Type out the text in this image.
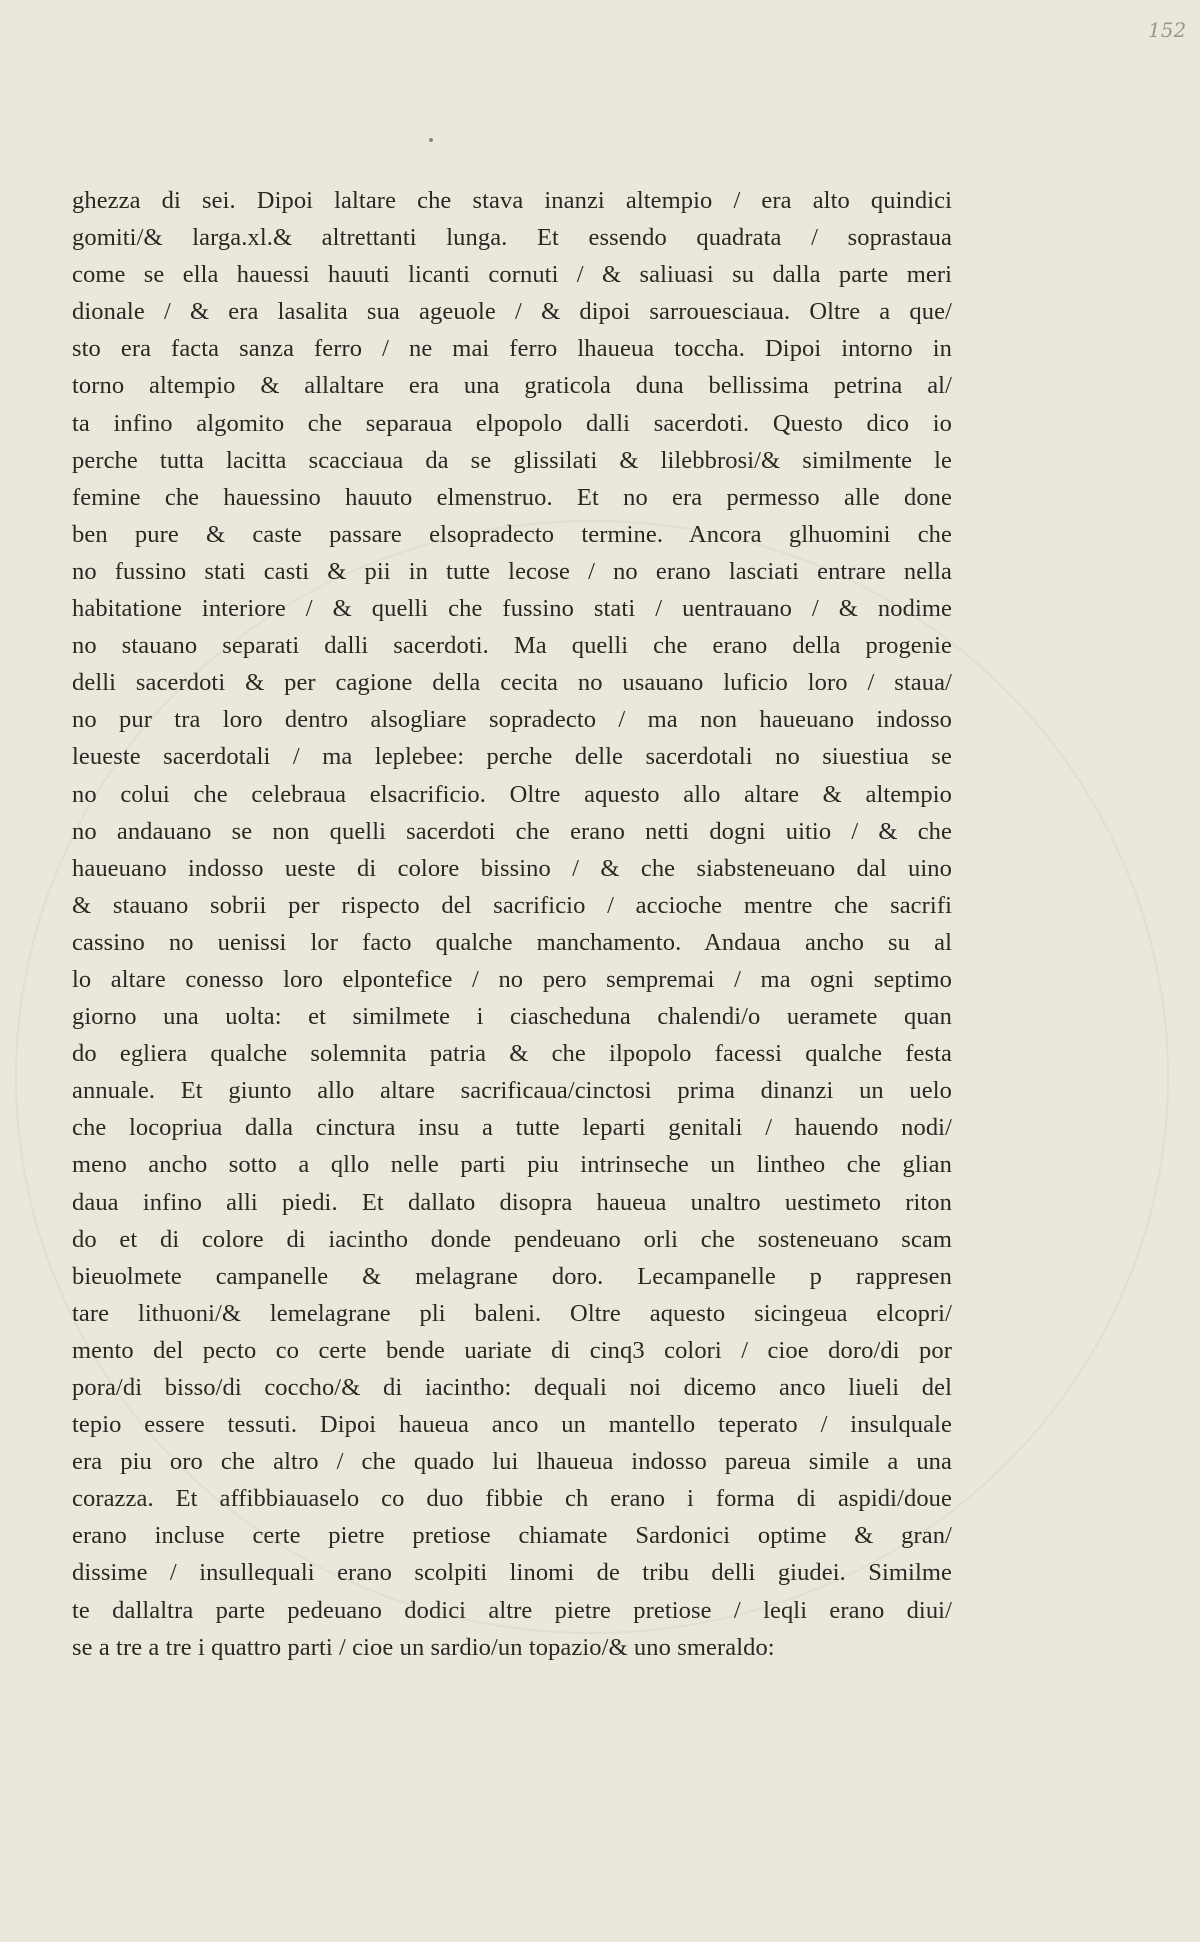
152
ghezza di sei. Dipoi laltare che stava inanzi altempio / era alto quindici
gomiti/& larga.xl.& altrettanti lunga. Et essendo quadrata / soprastaua
come se ella hauessi hauuti licanti cornuti / & saliuasi su dalla parte meri
dionale / & era lasalita sua ageuole / & dipoi sarrouesciaua. Oltre a que/
sto era facta sanza ferro / ne mai ferro lhaueua toccha. Dipoi intorno in
torno altempio & allaltare era una graticola duna bellissima petrina al/
ta infino algomito che separaua elpopolo dalli sacerdoti. Questo dico io
perche tutta lacitta scacciaua da se glissilati & lilebbrosi/& similmente le
femine che hauessino hauuto elmenstruo. Et no era permesso alle done
ben pure & caste passare elsopradecto termine. Ancora glhuomini che
no fussino stati casti & pii in tutte lecose / no erano lasciati entrare nella
habitatione interiore / & quelli che fussino stati / uentrauano / & nodime
no stauano separati dalli sacerdoti. Ma quelli che erano della progenie
delli sacerdoti & per cagione della cecita no usauano luficio loro / staua/
no pur tra loro dentro alsogliare sopradecto / ma non haueuano indosso
leueste sacerdotali / ma leplebee: perche delle sacerdotali no siuestiua se
no colui che celebraua elsacrificio. Oltre aquesto allo altare & altempio
no andauano se non quelli sacerdoti che erano netti dogni uitio / & che
haueuano indosso ueste di colore bissino / & che siabsteneuano dal uino
& stauano sobrii per rispecto del sacrificio / accioche mentre che sacrifi
cassino no uenissi lor facto qualche manchamento. Andaua ancho su al
lo altare conesso loro elpontefice / no pero sempremai / ma ogni septimo
giorno una uolta: et similmete i ciascheduna chalendi/o ueramete quan
do egliera qualche solemnita patria & che ilpopolo facessi qualche festa
annuale. Et giunto allo altare sacrificaua/cinctosi prima dinanzi un uelo
che locopriua dalla cinctura insu a tutte leparti genitali / hauendo nodi/
meno ancho sotto a qllo nelle parti piu intrinseche un lintheo che glian
daua infino alli piedi. Et dallato disopra haueua unaltro uestimeto riton
do et di colore di iacintho donde pendeuano orli che sosteneuano scam
bieuolmete campanelle & melagrane doro. Lecampanelle p rappresen
tare lithuoni/& lemelagrane pli baleni. Oltre aquesto sicingeua elcopri/
mento del pecto co certe bende uariate di cinq3 colori / cioe doro/di por
pora/di bisso/di coccho/& di iacintho: dequali noi dicemo anco liueli del
tepio essere tessuti. Dipoi haueua anco un mantello teperato / insulquale
era piu oro che altro / che quado lui lhaueua indosso pareua simile a una
corazza. Et affibbiauaselo co duo fibbie ch erano i forma di aspidi/doue
erano incluse certe pietre pretiose chiamate Sardonici optime & gran/
dissime / insullequali erano scolpiti linomi de tribu delli giudei. Similme
te dallaltra parte pedeuano dodici altre pietre pretiose / leqli erano diui/
se a tre a tre i quattro parti / cioe un sardio/un topazio/& uno smeraldo:
